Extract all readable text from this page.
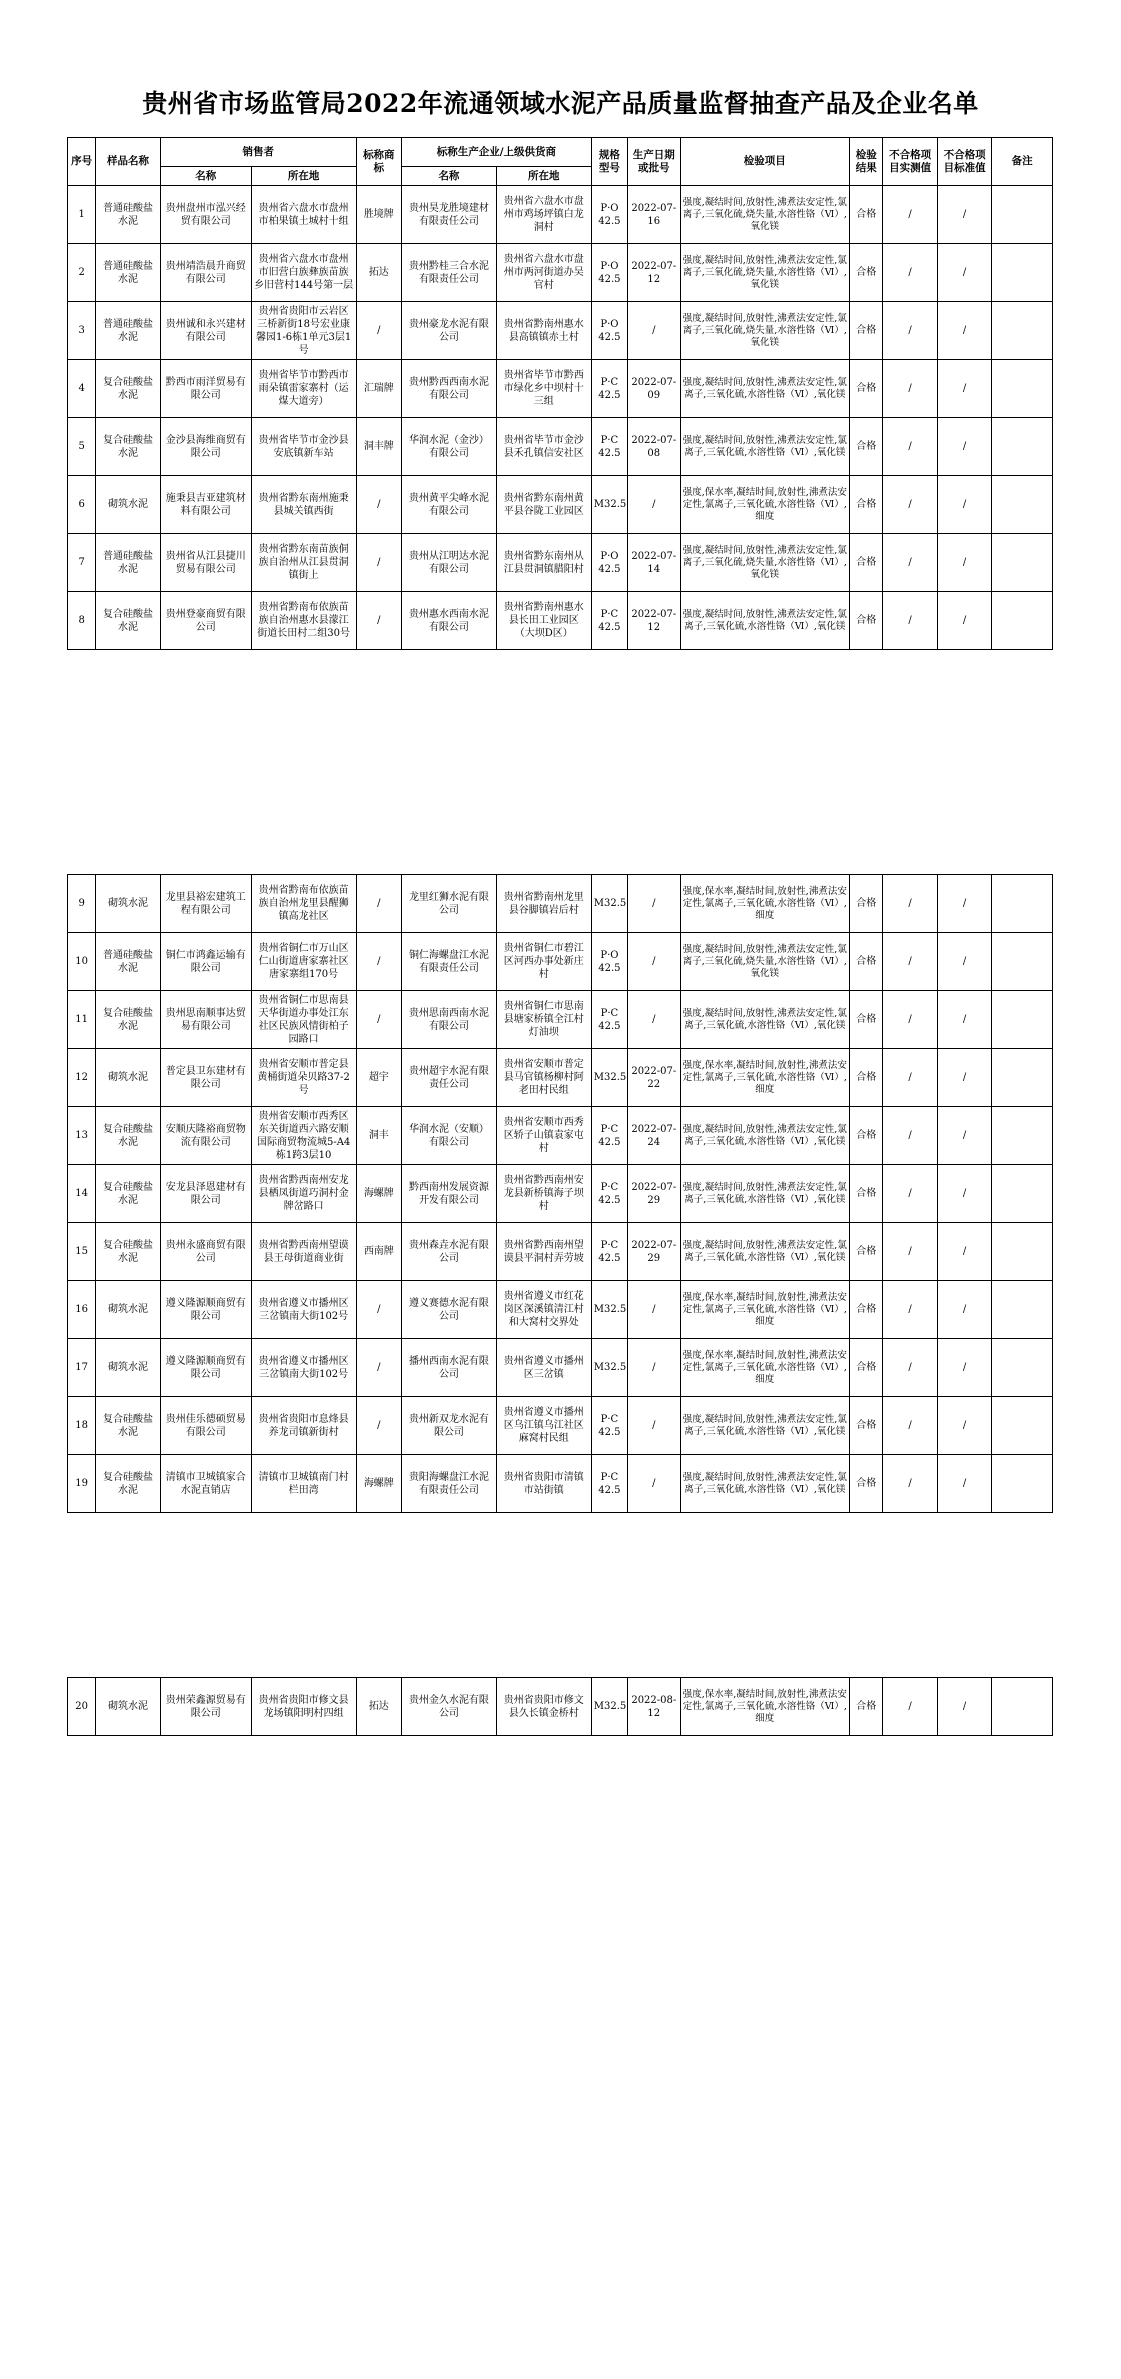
贵州省市场监管局2022年流通领域水泥产品质量监督抽查产品及企业名单
序号	样品名称	销售者		标称商标	标称生产企业/上级供货商		规格型号	生产日期或批号	检验项目	检验结果	不合格项目实测值	不合格项目标准值	备注
		名称	所在地		名称	所在地							
1	普通硅酸盐水泥	贵州盘州市泓兴经贸有限公司	贵州省六盘水市盘州市柏果镇土城村十组	胜境牌	贵州昊龙胜境建材有限责任公司	贵州省六盘水市盘州市鸡场坪镇白龙洞村	P·O 42.5	2022-07-16	强度,凝结时间,放射性,沸煮法安定性,氯离子,三氧化硫,烧失量,水溶性铬（Ⅵ）,氧化镁	合格	/	/	
2	普通硅酸盐水泥	贵州靖浩晨升商贸有限公司	贵州省六盘水市盘州市旧营白族彝族苗族乡旧营村144号第一层	拓达	贵州黔桂三合水泥有限责任公司	贵州省六盘水市盘州市两河街道办吴官村	P·O 42.5	2022-07-12	强度,凝结时间,放射性,沸煮法安定性,氯离子,三氧化硫,烧失量,水溶性铬（Ⅵ）,氧化镁	合格	/	/	
3	普通硅酸盐水泥	贵州诚和永兴建材有限公司	贵州省贵阳市云岩区三桥新街18号宏业康馨园1-6栋1单元3层1号	/	贵州豪龙水泥有限公司	贵州省黔南州惠水县高镇镇赤土村	P·O 42.5	/	强度,凝结时间,放射性,沸煮法安定性,氯离子,三氧化硫,烧失量,水溶性铬（Ⅵ）,氧化镁	合格	/	/	
4	复合硅酸盐水泥	黔西市雨洋贸易有限公司	贵州省毕节市黔西市雨朵镇雷家寨村（运煤大道旁）	汇瑞牌	贵州黔西西南水泥有限公司	贵州省毕节市黔西市绿化乡中坝村十三组	P·C 42.5	2022-07-09	强度,凝结时间,放射性,沸煮法安定性,氯离子,三氧化硫,水溶性铬（Ⅵ）,氧化镁	合格	/	/	
5	复合硅酸盐水泥	金沙县海维商贸有限公司	贵州省毕节市金沙县安底镇新车站	洞丰牌	华润水泥（金沙）有限公司	贵州省毕节市金沙县禾孔镇信安社区	P·C 42.5	2022-07-08	强度,凝结时间,放射性,沸煮法安定性,氯离子,三氧化硫,水溶性铬（Ⅵ）,氧化镁	合格	/	/	
6	砌筑水泥	施秉县吉亚建筑材料有限公司	贵州省黔东南州施秉县城关镇西街	/	贵州黄平尖峰水泥有限公司	贵州省黔东南州黄平县谷陇工业园区	M32.5	/	强度,保水率,凝结时间,放射性,沸煮法安定性,氯离子,三氧化硫,水溶性铬（Ⅵ）,细度	合格	/	/	
7	普通硅酸盐水泥	贵州省从江县捷川贸易有限公司	贵州省黔东南苗族侗族自治州从江县贯洞镇街上	/	贵州从江明达水泥有限公司	贵州省黔东南州从江县贯洞镇腊阳村	P·O 42.5	2022-07-14	强度,凝结时间,放射性,沸煮法安定性,氯离子,三氧化硫,烧失量,水溶性铬（Ⅵ）,氧化镁	合格	/	/	
8	复合硅酸盐水泥	贵州登豪商贸有限公司	贵州省黔南布依族苗族自治州惠水县濛江街道长田村二组30号	/	贵州惠水西南水泥有限公司	贵州省黔南州惠水县长田工业园区（大坝D区）	P·C 42.5	2022-07-12	强度,凝结时间,放射性,沸煮法安定性,氯离子,三氧化硫,水溶性铬（Ⅵ）,氧化镁	合格	/	/	
9	砌筑水泥	龙里县裕宏建筑工程有限公司	贵州省黔南布依族苗族自治州龙里县醒狮镇高龙社区	/	龙里红狮水泥有限公司	贵州省黔南州龙里县谷脚镇岩后村	M32.5	/	强度,保水率,凝结时间,放射性,沸煮法安定性,氯离子,三氧化硫,水溶性铬（Ⅵ）,细度	合格	/	/	
10	普通硅酸盐水泥	铜仁市鸿鑫运输有限公司	贵州省铜仁市万山区仁山街道唐家寨社区唐家寨组170号	/	铜仁海螺盘江水泥有限责任公司	贵州省铜仁市碧江区河西办事处新庄村	P·O 42.5	/	强度,凝结时间,放射性,沸煮法安定性,氯离子,三氧化硫,烧失量,水溶性铬（Ⅵ）,氧化镁	合格	/	/	
11	复合硅酸盐水泥	贵州思南顺事达贸易有限公司	贵州省铜仁市思南县天华街道办事处江东社区民族风情街柏子园路口	/	贵州思南西南水泥有限公司	贵州省铜仁市思南县塘家桥镇全江村灯油坝	P·C 42.5	/	强度,凝结时间,放射性,沸煮法安定性,氯离子,三氧化硫,水溶性铬（Ⅵ）,氧化镁	合格	/	/	
12	砌筑水泥	普定县卫东建材有限公司	贵州省安顺市普定县黄桶街道朵贝路37-2号	超宇	贵州超宇水泥有限责任公司	贵州省安顺市普定县马官镇杨柳村阿老田村民组	M32.5	2022-07-22	强度,保水率,凝结时间,放射性,沸煮法安定性,氯离子,三氧化硫,水溶性铬（Ⅵ）,细度	合格	/	/	
13	复合硅酸盐水泥	安顺庆隆裕商贸物流有限公司	贵州省安顺市西秀区东关街道西六路安顺国际商贸物流城5-A4栋1跨3层10	洞丰	华润水泥（安顺）有限公司	贵州省安顺市西秀区轿子山镇袁家屯村	P·C 42.5	2022-07-24	强度,凝结时间,放射性,沸煮法安定性,氯离子,三氧化硫,水溶性铬（Ⅵ）,氧化镁	合格	/	/	
14	复合硅酸盐水泥	安龙县泽恩建材有限公司	贵州省黔西南州安龙县栖凤街道巧洞村金牌岔路口	海螺牌	黔西南州发展资源开发有限公司	贵州省黔西南州安龙县新桥镇海子坝村	P·C 42.5	2022-07-29	强度,凝结时间,放射性,沸煮法安定性,氯离子,三氧化硫,水溶性铬（Ⅵ）,氧化镁	合格	/	/	
15	复合硅酸盐水泥	贵州永盛商贸有限公司	贵州省黔西南州望谟县王母街道商业街	西南牌	贵州森垚水泥有限公司	贵州省黔西南州望谟县平洞村弄劳坡	P·C 42.5	2022-07-29	强度,凝结时间,放射性,沸煮法安定性,氯离子,三氧化硫,水溶性铬（Ⅵ）,氧化镁	合格	/	/	
16	砌筑水泥	遵义隆源顺商贸有限公司	贵州省遵义市播州区三岔镇南大街102号	/	遵义赛德水泥有限公司	贵州省遵义市红花岗区深溪镇清江村和大窝村交界处	M32.5	/	强度,保水率,凝结时间,放射性,沸煮法安定性,氯离子,三氧化硫,水溶性铬（Ⅵ）,细度	合格	/	/	
17	砌筑水泥	遵义隆源顺商贸有限公司	贵州省遵义市播州区三岔镇南大街102号	/	播州西南水泥有限公司	贵州省遵义市播州区三岔镇	M32.5	/	强度,保水率,凝结时间,放射性,沸煮法安定性,氯离子,三氧化硫,水溶性铬（Ⅵ）,细度	合格	/	/	
18	复合硅酸盐水泥	贵州佳乐德硕贸易有限公司	贵州省贵阳市息烽县养龙司镇新街村	/	贵州新双龙水泥有限公司	贵州省遵义市播州区乌江镇乌江社区麻窝村民组	P·C 42.5	/	强度,凝结时间,放射性,沸煮法安定性,氯离子,三氧化硫,水溶性铬（Ⅵ）,氧化镁	合格	/	/	
19	复合硅酸盐水泥	清镇市卫城镇家合水泥直销店	清镇市卫城镇南门村栏田湾	海螺牌	贵阳海螺盘江水泥有限责任公司	贵州省贵阳市清镇市站街镇	P·C 42.5	/	强度,凝结时间,放射性,沸煮法安定性,氯离子,三氧化硫,水溶性铬（Ⅵ）,氧化镁	合格	/	/	
20	砌筑水泥	贵州荣鑫源贸易有限公司	贵州省贵阳市修文县龙场镇阳明村四组	拓达	贵州金久水泥有限公司	贵州省贵阳市修文县久长镇金桥村	M32.5	2022-08-12	强度,保水率,凝结时间,放射性,沸煮法安定性,氯离子,三氧化硫,水溶性铬（Ⅵ）,细度	合格	/	/	
